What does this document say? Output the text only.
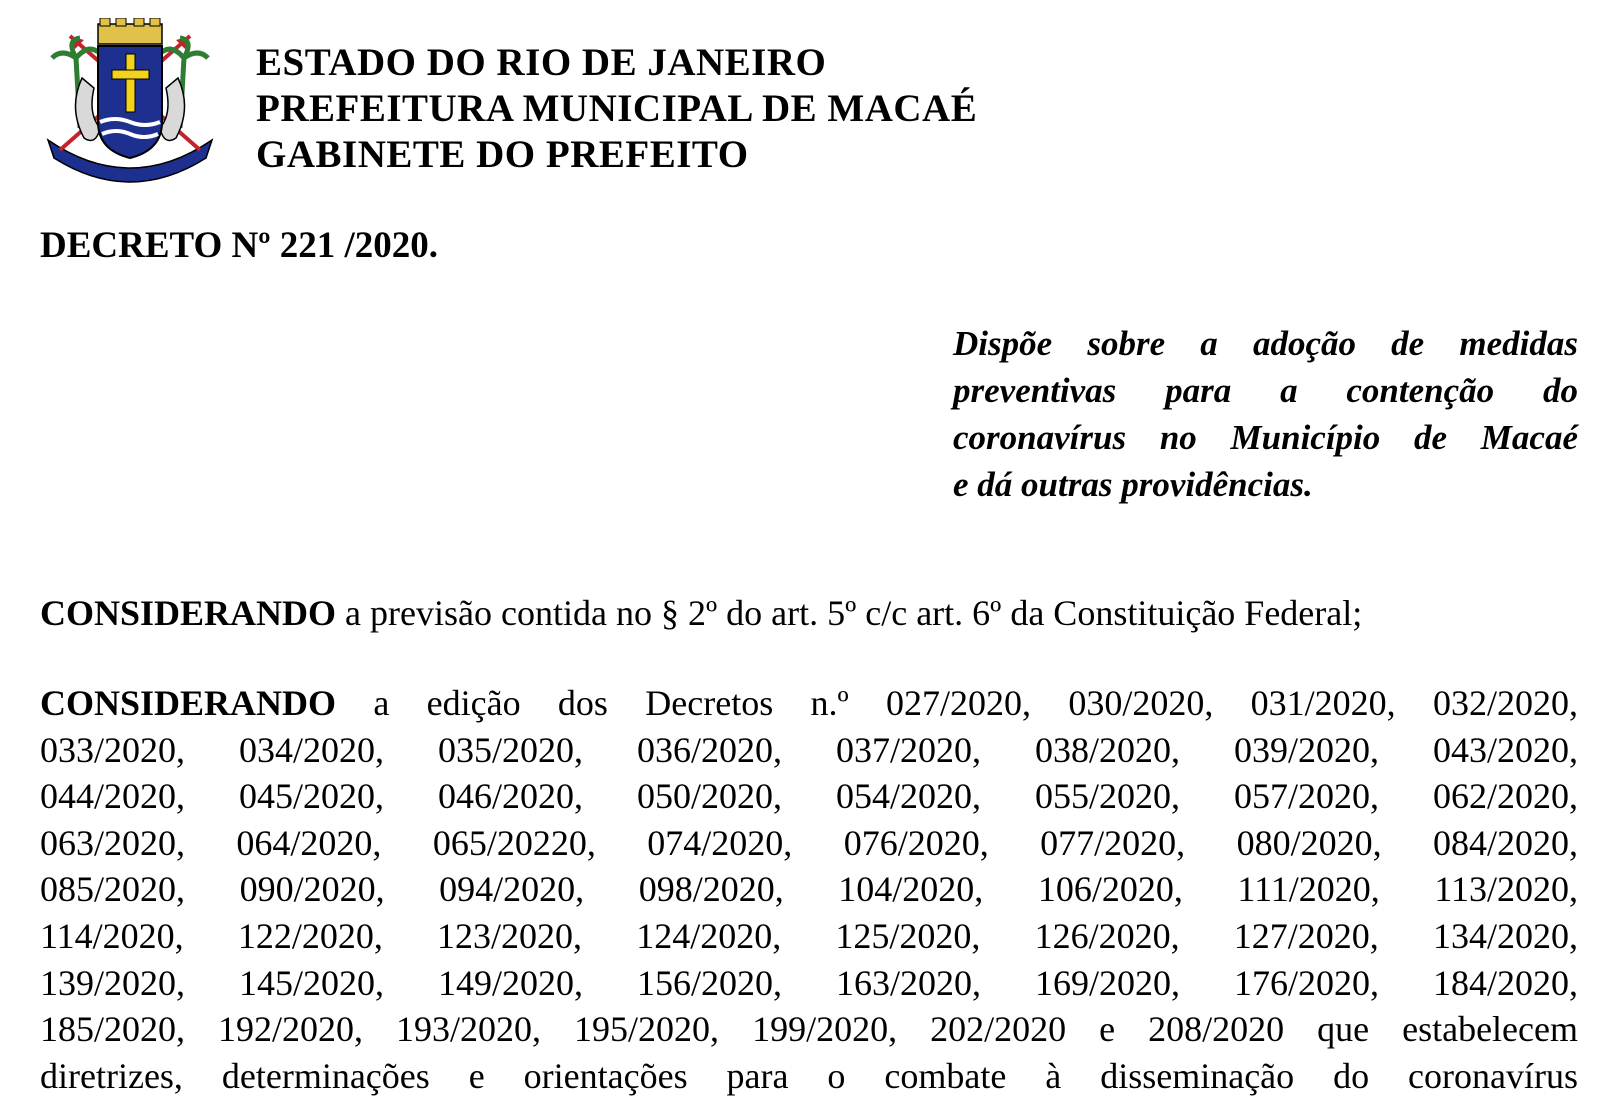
ESTADO DO RIO DE JANEIRO
PREFEITURA MUNICIPAL DE MACAÉ
GABINETE DO PREFEITO
DECRETO Nº 221 /2020.
Dispõe sobre a adoção de medidas
preventivas para a contenção do
coronavírus no Município de Macaé
e dá outras providências.
CONSIDERANDO a previsão contida no § 2º do art. 5º c/c art. 6º da Constituição Federal;
CONSIDERANDO a edição dos Decretos n.º 027/2020, 030/2020, 031/2020, 032/2020,
033/2020, 034/2020, 035/2020, 036/2020, 037/2020, 038/2020, 039/2020, 043/2020,
044/2020, 045/2020, 046/2020, 050/2020, 054/2020, 055/2020, 057/2020, 062/2020,
063/2020, 064/2020, 065/20220, 074/2020, 076/2020, 077/2020, 080/2020, 084/2020,
085/2020, 090/2020, 094/2020, 098/2020, 104/2020, 106/2020, 111/2020, 113/2020,
114/2020, 122/2020, 123/2020, 124/2020, 125/2020, 126/2020, 127/2020, 134/2020,
139/2020, 145/2020, 149/2020, 156/2020, 163/2020, 169/2020, 176/2020, 184/2020,
185/2020, 192/2020, 193/2020, 195/2020, 199/2020, 202/2020 e 208/2020 que estabelecem
diretrizes, determinações e orientações para o combate à disseminação do coronavírus
